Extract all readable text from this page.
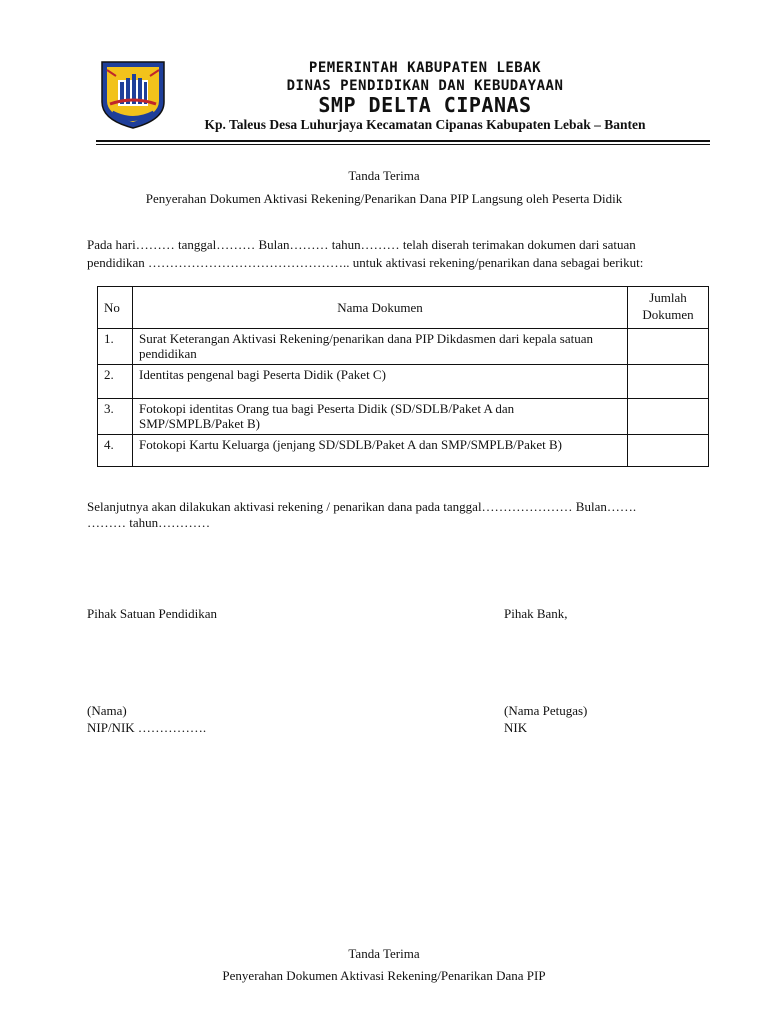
PEMERINTAH KABUPATEN LEBAK
DINAS PENDIDIKAN DAN KEBUDAYAAN
SMP DELTA CIPANAS
Kp. Taleus Desa Luhurjaya Kecamatan Cipanas Kabupaten Lebak – Banten
Tanda Terima
Penyerahan Dokumen Aktivasi Rekening/Penarikan Dana PIP Langsung oleh Peserta Didik
Pada hari……… tanggal……… Bulan……… tahun……… telah diserah terimakan dokumen dari satuan
pendidikan ……………………………………….. untuk aktivasi rekening/penarikan dana sebagai berikut:
No	Nama Dokumen	Jumlah Dokumen
1.	Surat Keterangan Aktivasi Rekening/penarikan dana PIP Dikdasmen dari kepala satuan pendidikan	
2.	Identitas pengenal bagi Peserta Didik (Paket C)	
3.	Fotokopi identitas Orang tua bagi Peserta Didik (SD/SDLB/Paket A dan SMP/SMPLB/Paket B)	
4.	Fotokopi Kartu Keluarga (jenjang SD/SDLB/Paket A dan SMP/SMPLB/Paket B)	
Selanjutnya akan dilakukan aktivasi rekening / penarikan dana pada tanggal………………… Bulan…….
……… tahun…………
Pihak Satuan Pendidikan	Pihak Bank,
(Nama)
NIP/NIK …………….
(Nama Petugas)
NIK
Tanda Terima
Penyerahan Dokumen Aktivasi Rekening/Penarikan Dana PIP
